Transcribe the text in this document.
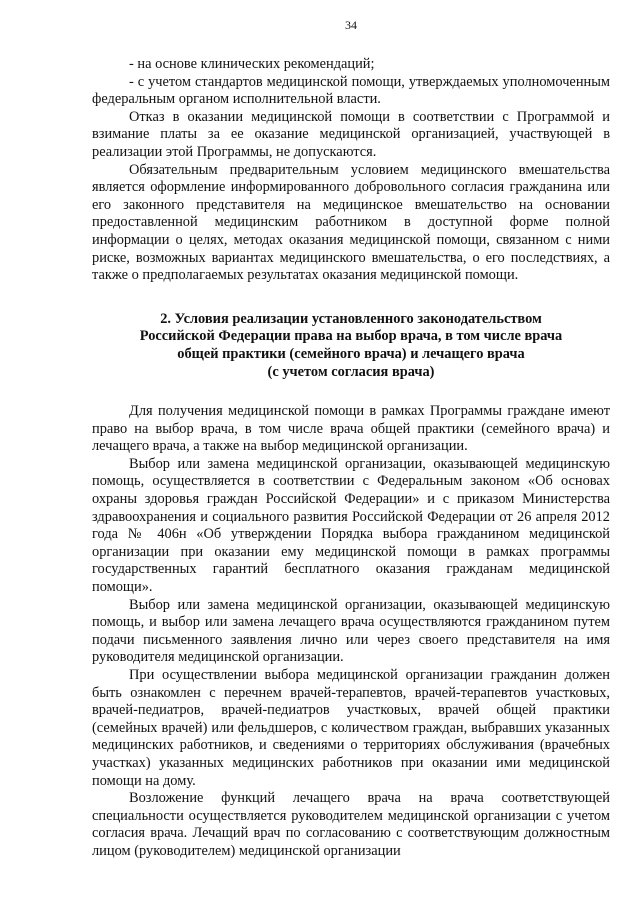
34

- на основе клинических рекомендаций;

- с учетом стандартов медицинской помощи, утверждаемых уполномоченным федеральным органом исполнительной власти.

Отказ в оказании медицинской помощи в соответствии с Программой и взимание платы за ее оказание медицинской организацией, участвующей в реализации этой Программы, не допускаются.

Обязательным предварительным условием медицинского вмешательства является оформление информированного добровольного согласия гражданина или его законного представителя на медицинское вмешательство на основании предоставленной медицинским работником в доступной форме полной информации о целях, методах оказания медицинской помощи, связанном с ними риске, возможных вариантах медицинского вмешательства, о его последствиях, а также о предполагаемых результатах оказания медицинской помощи.

2. Условия реализации установленного законодательством
Российской Федерации права на выбор врача, в том числе врача
общей практики (семейного врача) и лечащего врача
(с учетом согласия врача)

Для получения медицинской помощи в рамках Программы граждане имеют право на выбор врача, в том числе врача общей практики (семейного врача) и лечащего врача, а также на выбор медицинской организации.

Выбор или замена медицинской организации, оказывающей медицинскую помощь, осуществляется в соответствии с Федеральным законом «Об основах охраны здоровья граждан Российской Федерации» и с приказом Министерства здравоохранения и социального развития Российской Федерации от 26 апреля 2012 года № 406н «Об утверждении Порядка выбора гражданином медицинской организации при оказании ему медицинской помощи в рамках программы государственных гарантий бесплатного оказания гражданам медицинской помощи».

Выбор или замена медицинской организации, оказывающей медицинскую помощь, и выбор или замена лечащего врача осуществляются гражданином путем подачи письменного заявления лично или через своего представителя на имя руководителя медицинской организации.

При осуществлении выбора медицинской организации гражданин должен быть ознакомлен с перечнем врачей-терапевтов, врачей-терапевтов участковых, врачей-педиатров, врачей-педиатров участковых, врачей общей практики (семейных врачей) или фельдшеров, с количеством граждан, выбравших указанных медицинских работников, и сведениями о территориях обслуживания (врачебных участках) указанных медицинских работников при оказании ими медицинской помощи на дому.

Возложение функций лечащего врача на врача соответствующей специальности осуществляется руководителем медицинской организации с учетом согласия врача. Лечащий врач по согласованию с соответствующим должностным лицом (руководителем) медицинской организации
